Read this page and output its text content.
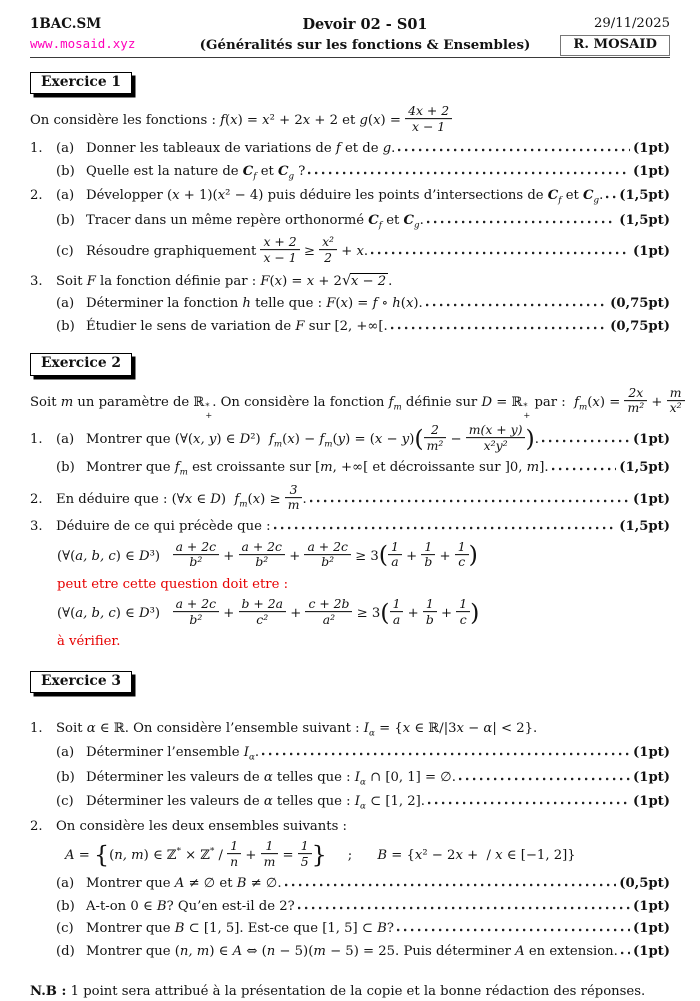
1BAC.SM
www.mosaid.xyz
Devoir 02 - S01
(Généralités sur les fonctions & Ensembles)
29/11/2025
R. MOSAID
Exercice 1
On considère les fonctions : f(x) = x² + 2x + 2 et $g(x) = \frac{4x + 2}{x - 1}$
1.	(a) Donner les tableaux de variations de f et de g.	(1pt)
(b) Quelle est la nature de $C_f$ et $C_g$ ?	(1pt)
2.	(a) Développer (x + 1)(x² − 4) puis déduire les points d’intersections de $C_f$ et $C_g$. (1,5pt)
(b) Tracer dans un même repère orthonormé $C_f$ et $C_g$.	(1,5pt)
(c) Résoudre graphiquement $\frac{x + 2}{x - 1} \ge \frac{\text{x²}}{2} + x$.	(1pt)
3.	Soit F la fonction définie par : F(x) = x + 2√x − 2 .
(a) Déterminer la fonction h telle que : F(x) = f ∘ h(x).	(0,75pt)
(b) Étudier le sens de variation de F sur [2, +∞[.	(0,75pt)
Exercice 2
Soit m un paramètre de ℝ *
+
. On considère la fonction $f_m$ définie sur D = ℝ *
+
par :  $f_m(x) = \frac{2x}{\text{m²}} + \frac{m}{\text{x²}}$
1.	(a) Montrer que (∀(x, y) ∈ D²)  $f_m(x) - f_m(y) = (x - y)( \frac{2}{\text{m²}} - \frac{m(x + y)}{\text{x²y²}}$ ).	(1pt)
(b) Montrer que $f_m$ est croissante sur [m, +∞[ et décroissante sur ]0, m].	(1,5pt)
2.	En déduire que : (∀x ∈ D)  $f_m(x) \ge \frac{3}{m}$ .	(1pt)
3.	Déduire de ce qui précède que :	(1,5pt)
(∀(a, b, c) ∈ $D^3) \frac{a + 2c}{\text{b²}} + \frac{a + 2c}{\text{b²}} + \frac{a + 2c}{\text{b²}} \ge 3( \frac{1}{a} + \frac{1}{b} + \frac{1}{c}$ )
peut etre cette question doit etre :
(∀(a, b, c) ∈ $D^3) \frac{a + 2c}{\text{b²}} + \frac{b + 2a}{\text{c²}} + \frac{c + 2b}{\text{a²}} \ge 3( \frac{1}{a} + \frac{1}{b} + \frac{1}{c}$ )
à vérifier.
Exercice 3
1.	Soit α ∈ ℝ. On considère l’ensemble suivant : $I_\alpha = \{x$ ∈ ℝ/|3x − α| < 2}.
(a) Déterminer l’ensemble $I_\alpha$.	(1pt)
(b) Déterminer les valeurs de α telles que : $I_\alpha$ ∩ [0, 1] = ∅.	(1pt)
(c) Déterminer les valeurs de α telles que : $I_\alpha$ ⊂ [1, 2].	(1pt)
2.	On considère les deux ensembles suivants :
A = {(n, m) ∈ ℤ* × ℤ* / $\frac{1}{n} + \frac{1}{m} = \frac{1}{5}$ }     ;      B = {x² − 2x +  / x ∈ [−1, 2]}
(a) Montrer que A ≠ ∅ et B ≠ ∅.	(0,5pt)
(b) A-t-on 0 ∈ B? Qu’en est-il de 2?	(1pt)
(c) Montrer que B ⊂ [1, 5]. Est-ce que [1, 5] ⊂ B?	(1pt)
(d) Montrer que (n, m) ∈ A ⇔ (n − 5)(m − 5) = 25. Puis déterminer A en extension. (1pt)
N.B : 1 point sera attribué à la présentation de la copie et la bonne rédaction des réponses.
